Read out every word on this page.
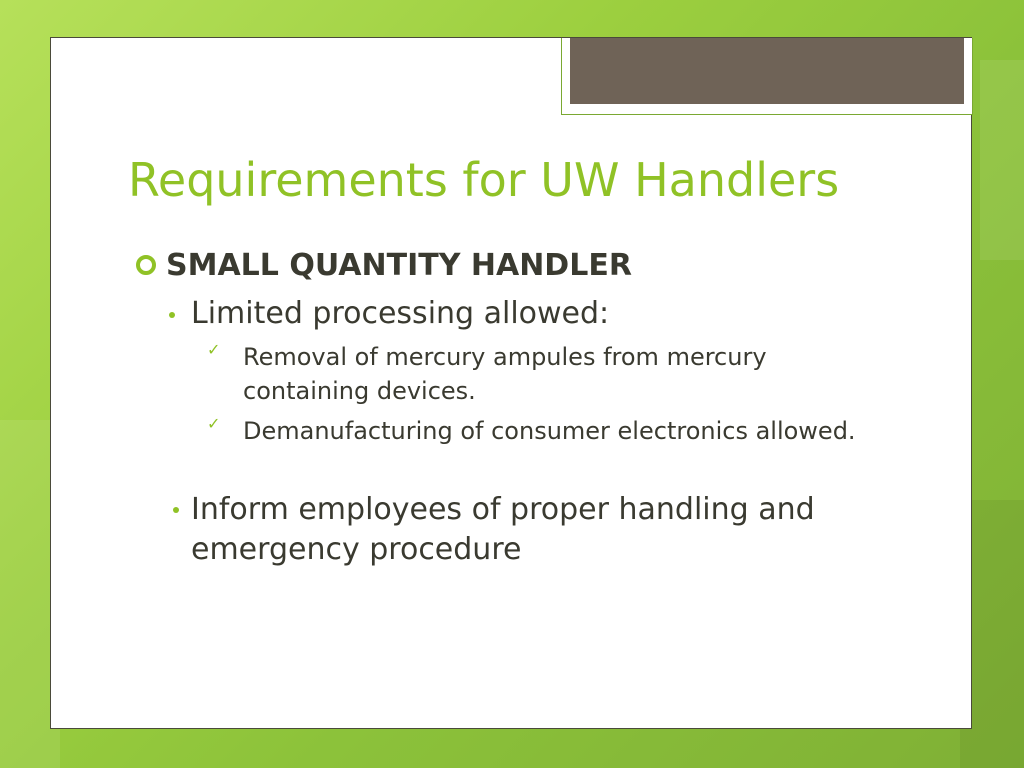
Requirements for UW Handlers
SMALL QUANTITY HANDLER
Limited processing allowed:
✓ Removal of mercury ampules from mercury containing devices.
✓ Demanufacturing of consumer electronics allowed.
Inform employees of proper handling and emergency procedure
